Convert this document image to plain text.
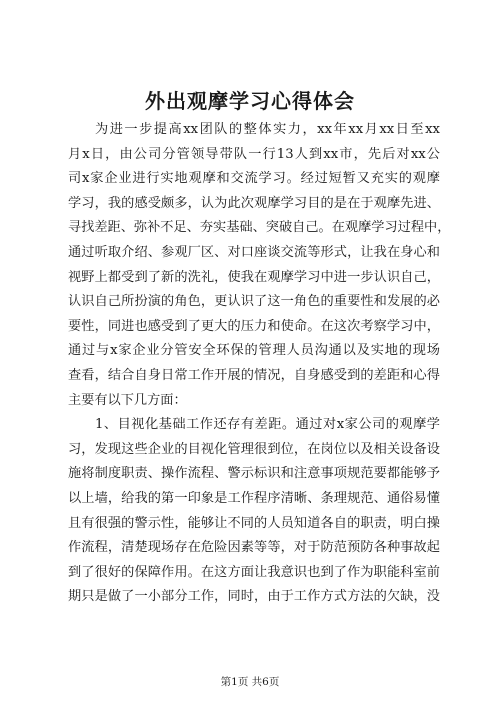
外出观摩学习心得体会
为进一步提高xx团队的整体实力，xx年xx月xx日至xx
月x日，由公司分管领导带队一行13人到xx市，先后对xx公
司x家企业进行实地观摩和交流学习。经过短暂又充实的观摩
学习，我的感受颇多，认为此次观摩学习目的是在于观摩先进、
寻找差距、弥补不足、夯实基础、突破自己。在观摩学习过程中，
通过听取介绍、参观厂区、对口座谈交流等形式，让我在身心和
视野上都受到了新的洗礼，使我在观摩学习中进一步认识自己，
认识自己所扮演的角色，更认识了这一角色的重要性和发展的必
要性，同进也感受到了更大的压力和使命。在这次考察学习中，
通过与x家企业分管安全环保的管理人员沟通以及实地的现场
查看，结合自身日常工作开展的情况，自身感受到的差距和心得
主要有以下几方面：
1、目视化基础工作还存有差距。通过对x家公司的观摩学
习，发现这些企业的目视化管理很到位，在岗位以及相关设备设
施将制度职责、操作流程、警示标识和注意事项规范要都能够予
以上墙，给我的第一印象是工作程序清晰、条理规范、通俗易懂
且有很强的警示性，能够让不同的人员知道各自的职责，明白操
作流程，清楚现场存在危险因素等等，对于防范预防各种事故起
到了很好的保障作用。在这方面让我意识也到了作为职能科室前
期只是做了一小部分工作，同时，由于工作方式方法的欠缺，没
第1页 共6页
